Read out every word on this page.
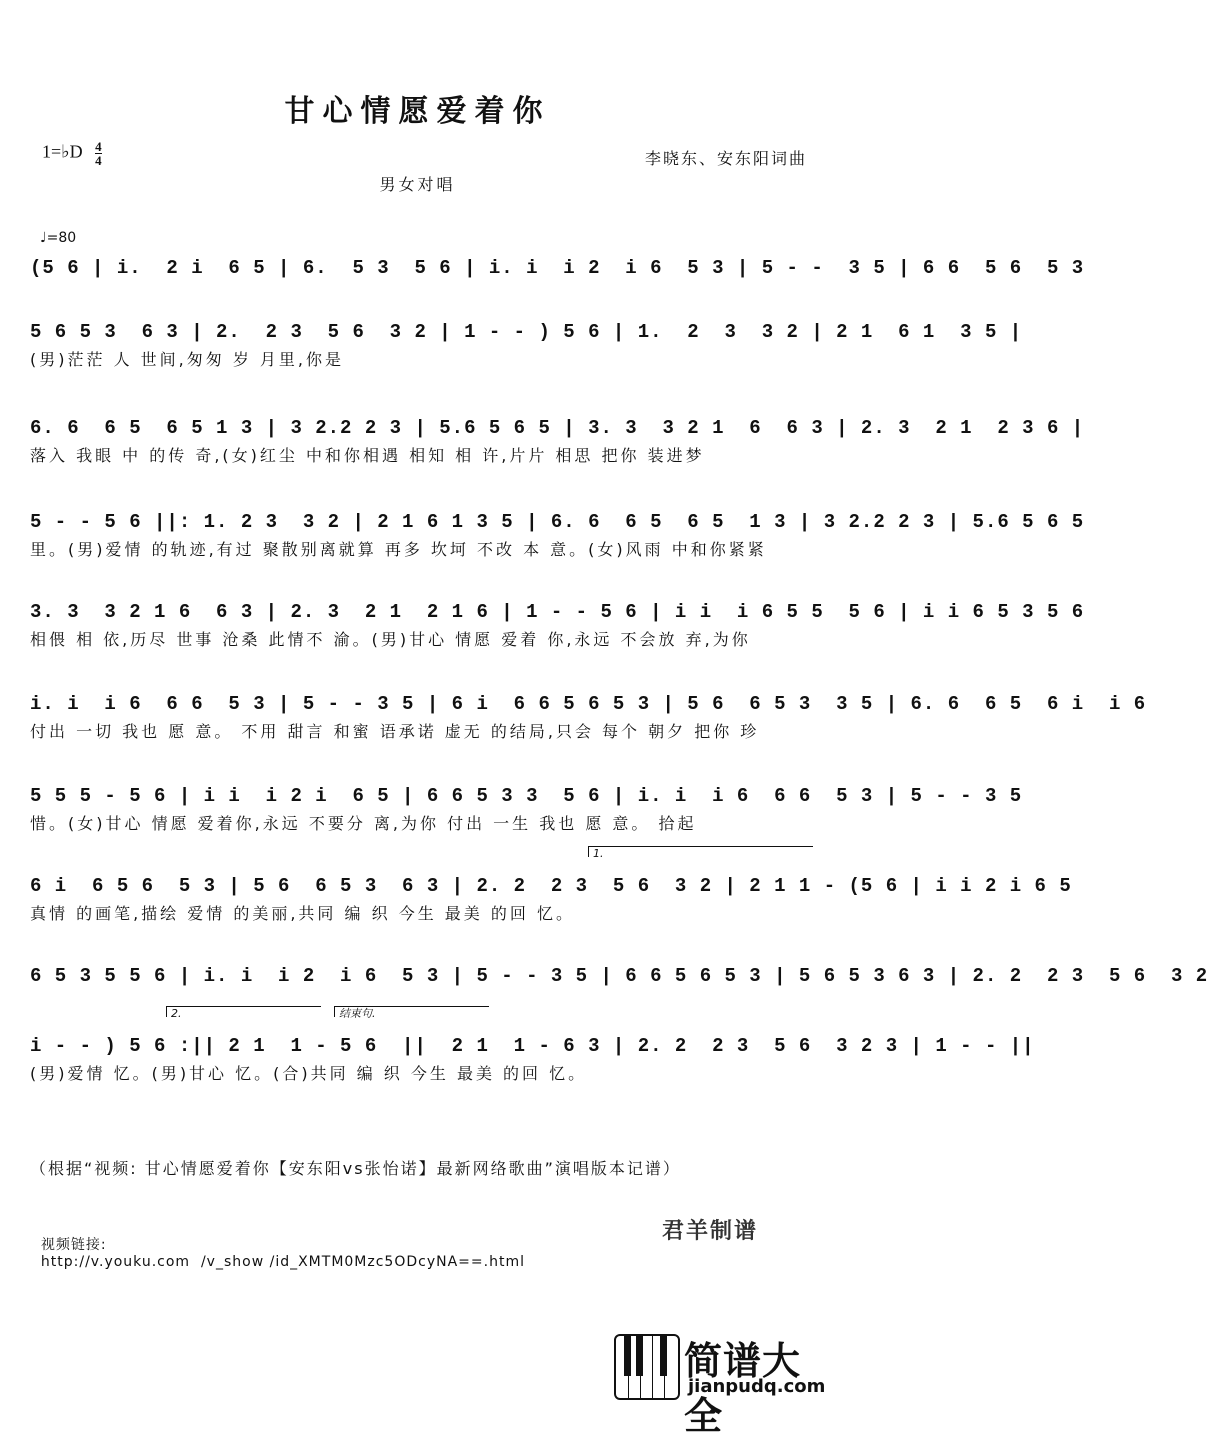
甘心情愿爱着你
1=♭D $\frac{4}{4}$	李晓东、安东阳词曲
男女对唱
♩=80
(5 6 | i.  2 i  6 5 | 6.  5 3  5 6 | i. i  i 2  i 6  5 3 | 5 - -  3 5 | 6 6  5 6  5 3
5 6 5 3  6 3 | 2.  2 3  5 6  3 2 | 1 - - ) 5 6 | 1.  2  3  3 2 | 2 1  6 1  3 5 |
(男)茫茫 人 世间,匆匆 岁 月里,你是
6. 6  6 5  6 5 1 3 | 3 2.2 2 3 | 5.6 5 6 5 | 3. 3  3 2 1  6  6 3 | 2. 3  2 1  2 3 6 |
落入 我眼 中 的传 奇,(女)红尘 中和你相遇 相知 相 许,片片 相思 把你 装进梦
5 - - 5 6 ||: 1. 2 3  3 2 | 2 1 6 1 3 5 | 6. 6  6 5  6 5  1 3 | 3 2.2 2 3 | 5.6 5 6 5
里。(男)爱情 的轨迹,有过 聚散别离就算 再多 坎坷 不改 本 意。(女)风雨 中和你紧紧
3. 3  3 2 1 6  6 3 | 2. 3  2 1  2 1 6 | 1 - - 5 6 | i i  i 6 5 5  5 6 | i i 6 5 3 5 6
相偎 相 依,历尽 世事 沧桑 此情不 渝。(男)甘心 情愿 爱着 你,永远 不会放 弃,为你
i. i  i 6  6 6  5 3 | 5 - - 3 5 | 6 i  6 6 5 6 5 3 | 5 6  6 5 3  3 5 | 6. 6  6 5  6 i  i 6
付出 一切 我也 愿 意。 不用 甜言 和蜜 语承诺 虚无 的结局,只会 每个 朝夕 把你 珍
5 5 5 - 5 6 | i i  i 2 i  6 5 | 6 6 5 3 3  5 6 | i. i  i 6  6 6  5 3 | 5 - - 3 5
惜。(女)甘心 情愿 爱着你,永远 不要分 离,为你 付出 一生 我也 愿 意。 拾起
6 i  6 5 6  5 3 | 5 6  6 5 3  6 3 | 2. 2  2 3  5 6  3 2 | 2 1 1 - (5 6 | i i 2 i 6 5
真情 的画笔,描绘 爱情 的美丽,共同 编 织 今生 最美 的回 忆。
6 5 3 5 5 6 | i. i  i 2  i 6  5 3 | 5 - - 3 5 | 6 6 5 6 5 3 | 5 6 5 3 6 3 | 2. 2  2 3  5 6  3 2
i - - ) 5 6 :|| 2 1  1 - 5 6  ||  2 1  1 - 6 3 | 2. 2  2 3  5 6  3 2 3 | 1 - - ||
(男)爱情 忆。(男)甘心 忆。(合)共同 编 织 今生 最美 的回 忆。
1.
2.	结束句.
（根据“视频: 甘心情愿爱着你【安东阳vs张怡诺】最新网络歌曲”演唱版本记谱）

视频链接:
http://v.youku.com  /v_show /id_XMTM0Mzc5ODcyNA==.html

君羊制谱
简谱大全
jianpudq.com
